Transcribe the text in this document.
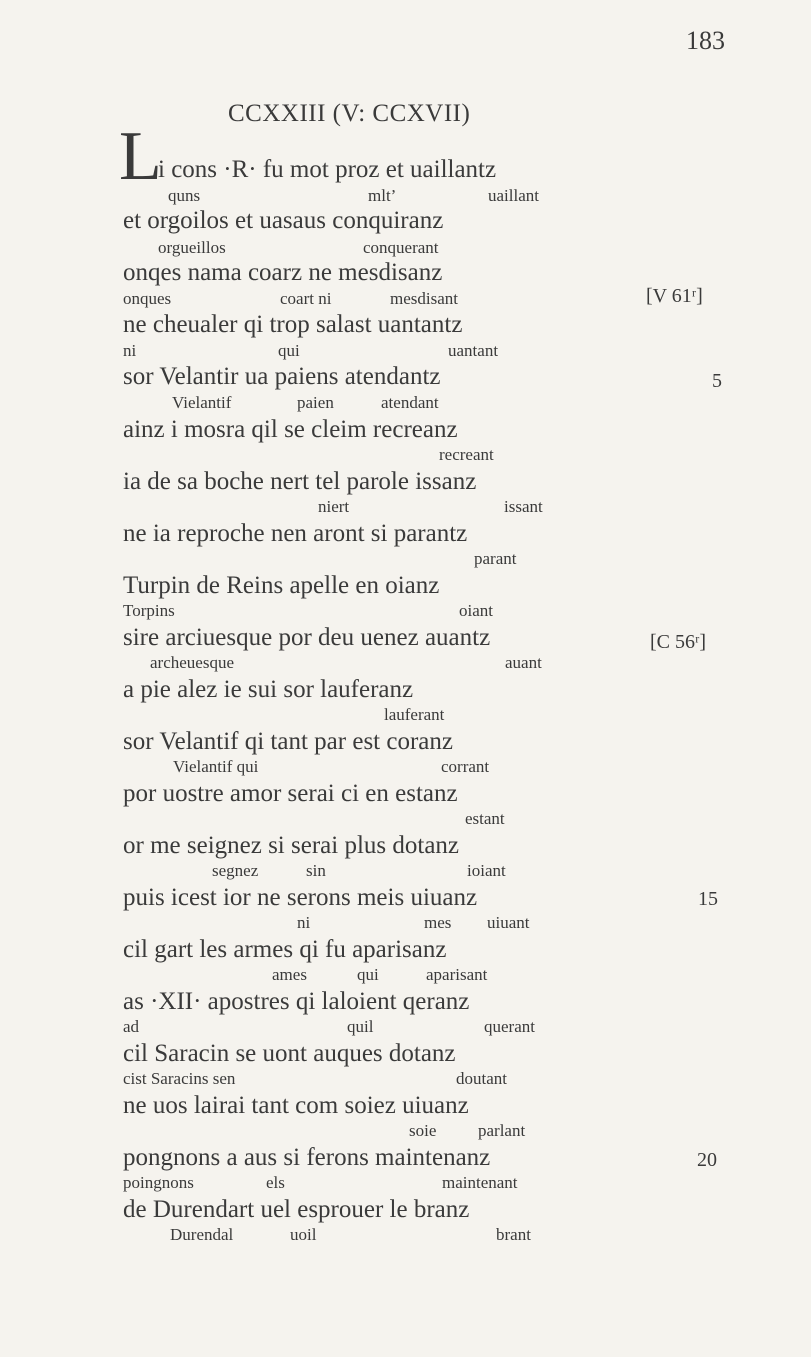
183
CCXXIII (V: CCXVII)
L
i cons ·R· fu mot proz et uaillantz
quns	mlt’	uaillant
et orgoilos et uasaus conquiranz
orgueillos	conquerant
onqes nama coarz ne mesdisanz
onques	coart ni	mesdisant	[V 61ʳ]
ne cheualer qi trop salast uantantz
ni	qui	uantant
sor Velantir ua paiens atendantz
Vielantif	paien	atendant
5
ainz i mosra qil se cleim recreanz
recreant
ia de sa boche nert tel parole issanz
niert	issant
ne ia reproche nen aront si parantz
parant
Turpin de Reins apelle en oianz
Torpins	oiant
sire arciuesque por deu uenez auantz
archeuesque	auant
[C 56ʳ]
a pie alez ie sui sor lauferanz
lauferant
sor Velantif qi tant par est coranz
Vielantif qui	corrant
por uostre amor serai ci en estanz
estant
or me seignez si serai plus dotanz
segnez	sin	ioiant
puis icest ior ne serons meis uiuanz
ni	mes uiuant
15
cil gart les armes qi fu aparisanz
ames	qui	aparisant
as ·XII· apostres qi laloient qeranz
ad	quil	querant
cil Saracin se uont auques dotanz
cist Saracins sen	doutant
ne uos lairai tant com soiez uiuanz
soie parlant
pongnons a aus si ferons maintenanz
poingnons	els	maintenant
20
de Durendart uel esprouer le branz
Durendal	uoil	brant
